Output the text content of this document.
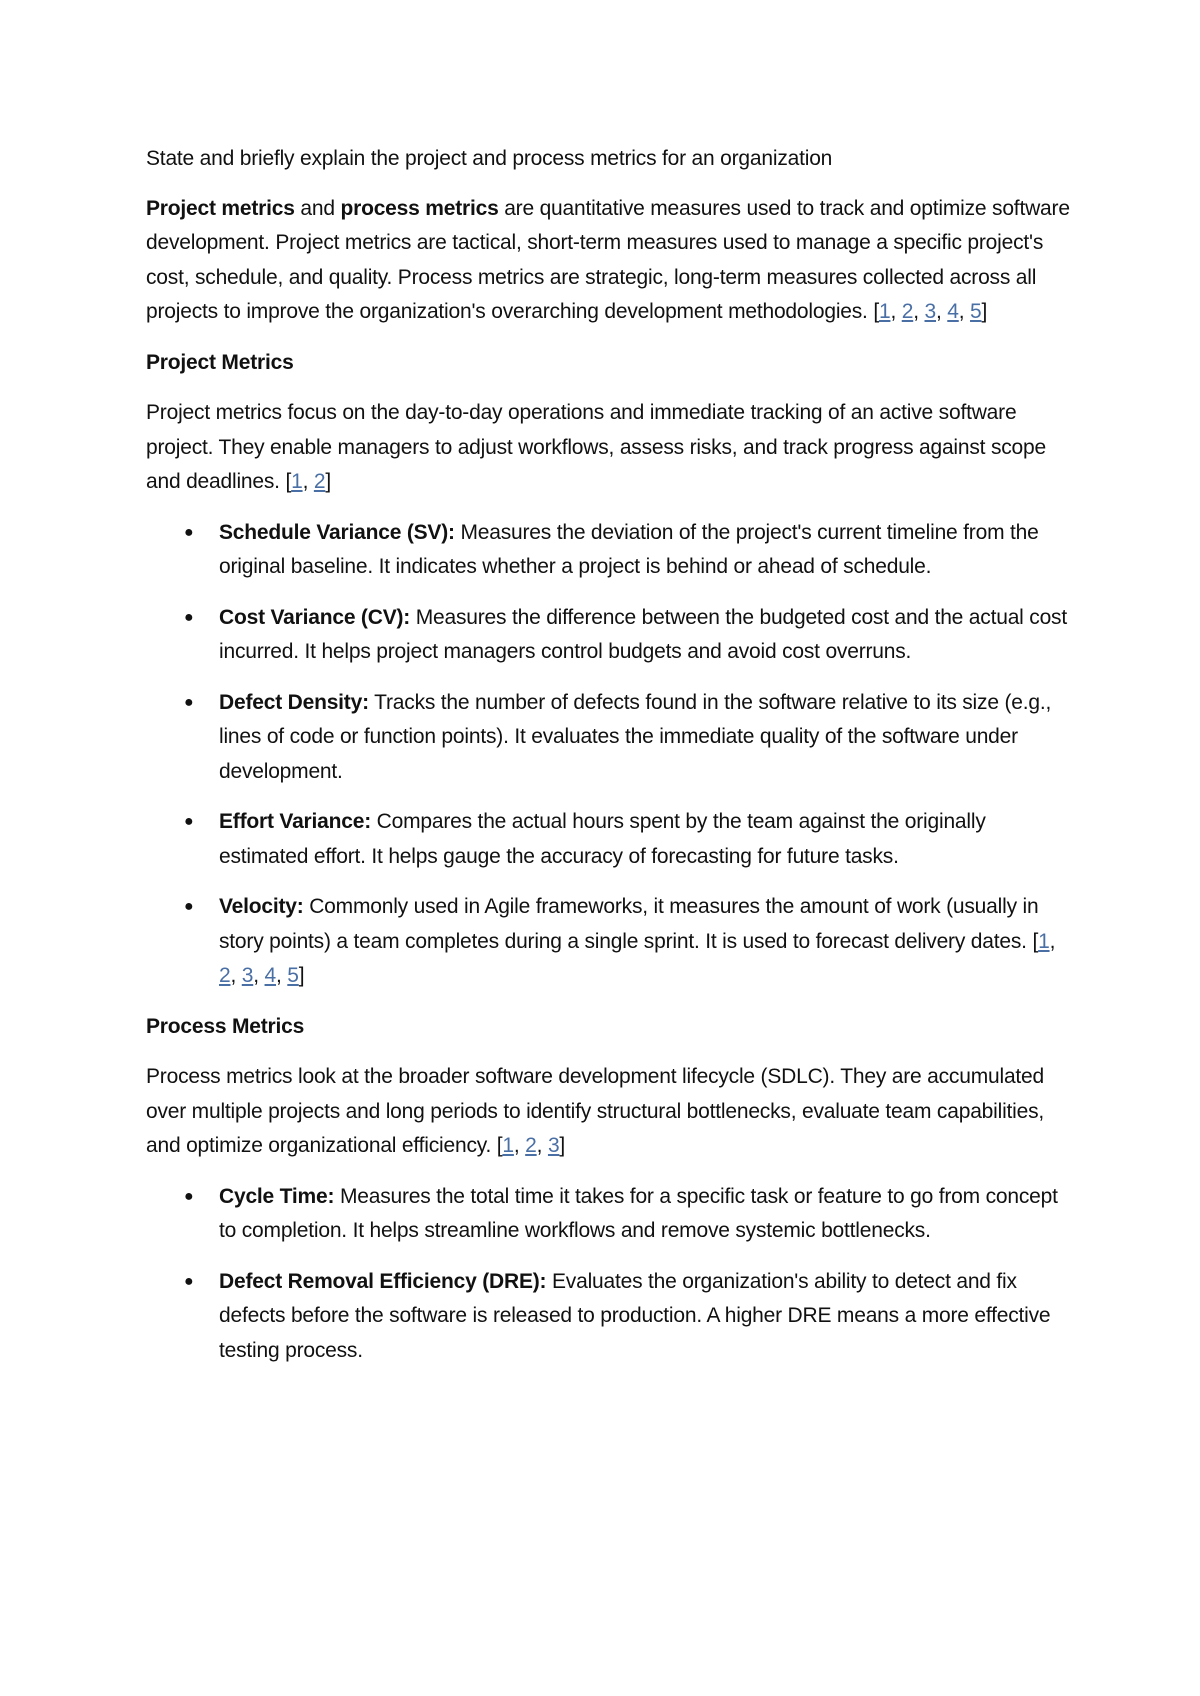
State and briefly explain the project and process metrics for an organization

Project metrics and process metrics are quantitative measures used to track and optimize software development. Project metrics are tactical, short-term measures used to manage a specific project's cost, schedule, and quality. Process metrics are strategic, long-term measures collected across all projects to improve the organization's overarching development methodologies. [1, 2, 3, 4, 5]

Project Metrics

Project metrics focus on the day-to-day operations and immediate tracking of an active software project. They enable managers to adjust workflows, assess risks, and track progress against scope and deadlines. [1, 2]

● Schedule Variance (SV): Measures the deviation of the project's current timeline from the original baseline. It indicates whether a project is behind or ahead of schedule.
● Cost Variance (CV): Measures the difference between the budgeted cost and the actual cost incurred. It helps project managers control budgets and avoid cost overruns.
● Defect Density: Tracks the number of defects found in the software relative to its size (e.g., lines of code or function points). It evaluates the immediate quality of the software under development.
● Effort Variance: Compares the actual hours spent by the team against the originally estimated effort. It helps gauge the accuracy of forecasting for future tasks.
● Velocity: Commonly used in Agile frameworks, it measures the amount of work (usually in story points) a team completes during a single sprint. It is used to forecast delivery dates. [1, 2, 3, 4, 5]

Process Metrics

Process metrics look at the broader software development lifecycle (SDLC). They are accumulated over multiple projects and long periods to identify structural bottlenecks, evaluate team capabilities, and optimize organizational efficiency. [1, 2, 3]

● Cycle Time: Measures the total time it takes for a specific task or feature to go from concept to completion. It helps streamline workflows and remove systemic bottlenecks.
● Defect Removal Efficiency (DRE): Evaluates the organization's ability to detect and fix defects before the software is released to production. A higher DRE means a more effective testing process.
